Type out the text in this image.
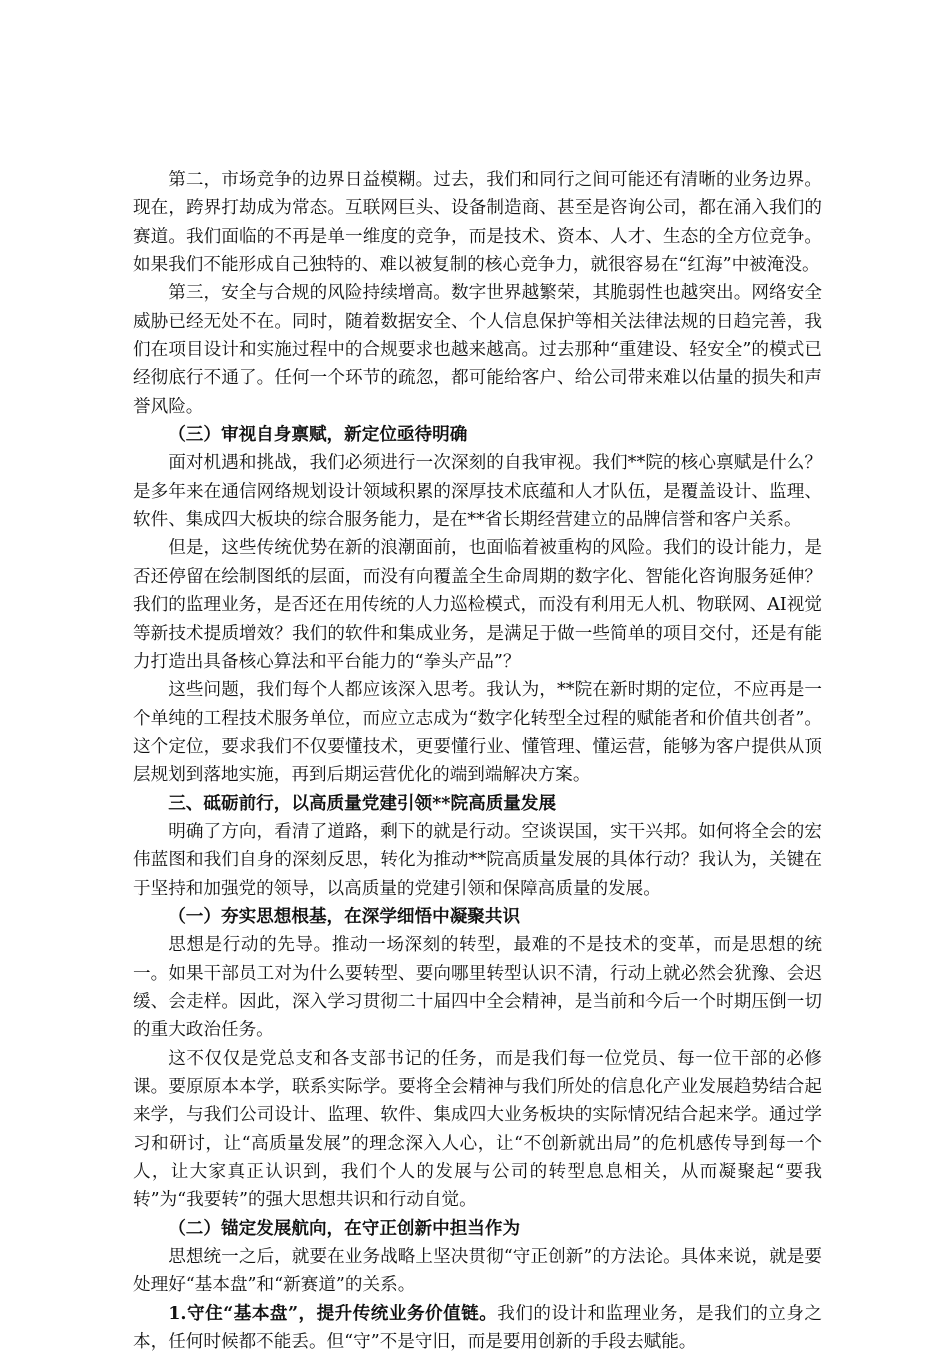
第二，市场竞争的边界日益模糊。过去，我们和同行之间可能还有清晰的业务边界。现在，跨界打劫成为常态。互联网巨头、设备制造商、甚至是咨询公司，都在涌入我们的赛道。我们面临的不再是单一维度的竞争，而是技术、资本、人才、生态的全方位竞争。如果我们不能形成自己独特的、难以被复制的核心竞争力，就很容易在“红海”中被淹没。

第三，安全与合规的风险持续增高。数字世界越繁荣，其脆弱性也越突出。网络安全威胁已经无处不在。同时，随着数据安全、个人信息保护等相关法律法规的日趋完善，我们在项目设计和实施过程中的合规要求也越来越高。过去那种“重建设、轻安全”的模式已经彻底行不通了。任何一个环节的疏忽，都可能给客户、给公司带来难以估量的损失和声誉风险。

（三）审视自身禀赋，新定位亟待明确

面对机遇和挑战，我们必须进行一次深刻的自我审视。我们**院的核心禀赋是什么？是多年来在通信网络规划设计领域积累的深厚技术底蕴和人才队伍，是覆盖设计、监理、软件、集成四大板块的综合服务能力，是在**省长期经营建立的品牌信誉和客户关系。

但是，这些传统优势在新的浪潮面前，也面临着被重构的风险。我们的设计能力，是否还停留在绘制图纸的层面，而没有向覆盖全生命周期的数字化、智能化咨询服务延伸？我们的监理业务，是否还在用传统的人力巡检模式，而没有利用无人机、物联网、AI视觉等新技术提质增效？我们的软件和集成业务，是满足于做一些简单的项目交付，还是有能力打造出具备核心算法和平台能力的“拳头产品”？

这些问题，我们每个人都应该深入思考。我认为，**院在新时期的定位，不应再是一个单纯的工程技术服务单位，而应立志成为“数字化转型全过程的赋能者和价值共创者”。这个定位，要求我们不仅要懂技术，更要懂行业、懂管理、懂运营，能够为客户提供从顶层规划到落地实施，再到后期运营优化的端到端解决方案。

三、砥砺前行，以高质量党建引领**院高质量发展

明确了方向，看清了道路，剩下的就是行动。空谈误国，实干兴邦。如何将全会的宏伟蓝图和我们自身的深刻反思，转化为推动**院高质量发展的具体行动？我认为，关键在于坚持和加强党的领导，以高质量的党建引领和保障高质量的发展。

（一）夯实思想根基，在深学细悟中凝聚共识

思想是行动的先导。推动一场深刻的转型，最难的不是技术的变革，而是思想的统一。如果干部员工对为什么要转型、要向哪里转型认识不清，行动上就必然会犹豫、会迟缓、会走样。因此，深入学习贯彻二十届四中全会精神，是当前和今后一个时期压倒一切的重大政治任务。

这不仅仅是党总支和各支部书记的任务，而是我们每一位党员、每一位干部的必修课。要原原本本学，联系实际学。要将全会精神与我们所处的信息化产业发展趋势结合起来学，与我们公司设计、监理、软件、集成四大业务板块的实际情况结合起来学。通过学习和研讨，让“高质量发展”的理念深入人心，让“不创新就出局”的危机感传导到每一个人，让大家真正认识到，我们个人的发展与公司的转型息息相关，从而凝聚起“要我转”为“我要转”的强大思想共识和行动自觉。

（二）锚定发展航向，在守正创新中担当作为

思想统一之后，就要在业务战略上坚决贯彻“守正创新”的方法论。具体来说，就是要处理好“基本盘”和“新赛道”的关系。

1.守住“基本盘”，提升传统业务价值链。我们的设计和监理业务，是我们的立身之本，任何时候都不能丢。但“守”不是守旧，而是要用创新的手段去赋能。
